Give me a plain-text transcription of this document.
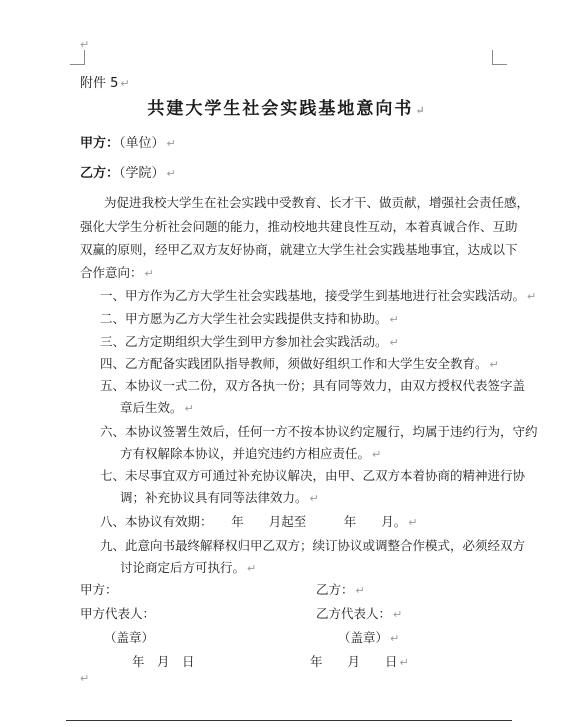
↵
附件 5 ↵
共建大学生社会实践基地意向书 ↵
甲方：（单位） ↵
乙方：（学院） ↵
为促进我校大学生在社会实践中受教育、长才干、做贡献，增强社会责任感，
强化大学生分析社会问题的能力，推动校地共建良性互动，本着真诚合作、互助
双赢的原则，经甲乙双方友好协商，就建立大学生社会实践基地事宜，达成以下
合作意向： ↵
一、甲方作为乙方大学生社会实践基地，接受学生到基地进行社会实践活动。 ↵
二、甲方愿为乙方大学生社会实践提供支持和协助。 ↵
三、乙方定期组织大学生到甲方参加社会实践活动。 ↵
四、乙方配备实践团队指导教师，须做好组织工作和大学生安全教育。 ↵
五、本协议一式二份，双方各执一份；具有同等效力，由双方授权代表签字盖
章后生效。 ↵
六、本协议签署生效后，任何一方不按本协议约定履行，均属于违约行为，守约
方有权解除本协议，并追究违约方相应责任。 ↵
七、未尽事宜双方可通过补充协议解决，由甲、乙双方本着协商的精神进行协
调；补充协议具有同等法律效力。 ↵
八、本协议有效期：　　年　　月起至　　　年　　月。 ↵
九、此意向书最终解释权归甲乙双方；续订协议或调整合作模式，必须经双方
讨论商定后方可执行。 ↵
甲方：	乙方： ↵
甲方代表人：	乙方代表人： ↵
（盖章）	（盖章） ↵
年　月　日	年　　月　　日 ↵
↵
